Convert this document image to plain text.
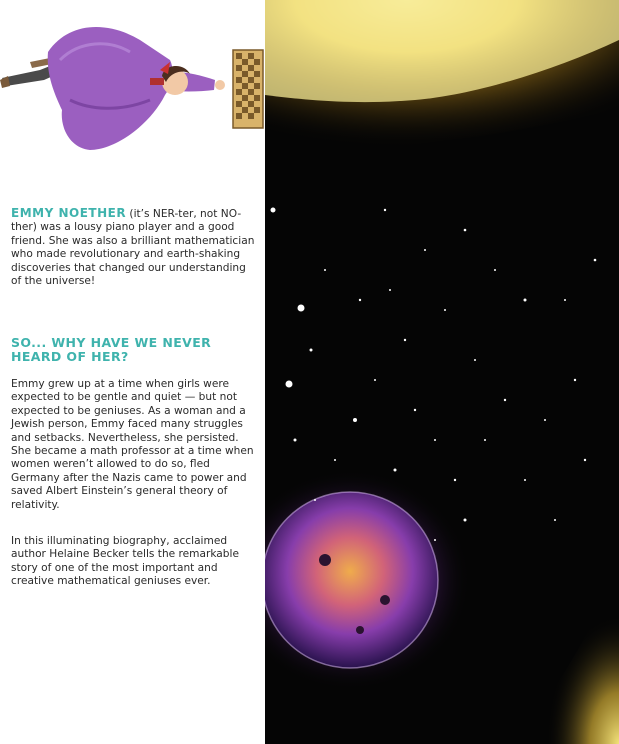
EMMY NOETHER (it’s NER-ter, not NO-ther) was a lousy piano player and a good friend. She was also a brilliant mathematician who made revolutionary and earth-shaking discoveries that changed our understanding of the universe!

SO... WHY HAVE WE NEVER
HEARD OF HER?

Emmy grew up at a time when girls were expected to be gentle and quiet — but not expected to be geniuses. As a woman and a Jewish person, Emmy faced many struggles and setbacks. Nevertheless, she persisted. She became a math professor at a time when women weren’t allowed to do so, fled Germany after the Nazis came to power and saved Albert Einstein’s general theory of relativity.

In this illuminating biography, acclaimed author Helaine Becker tells the remarkable story of one of the most important and creative mathematical geniuses ever.
